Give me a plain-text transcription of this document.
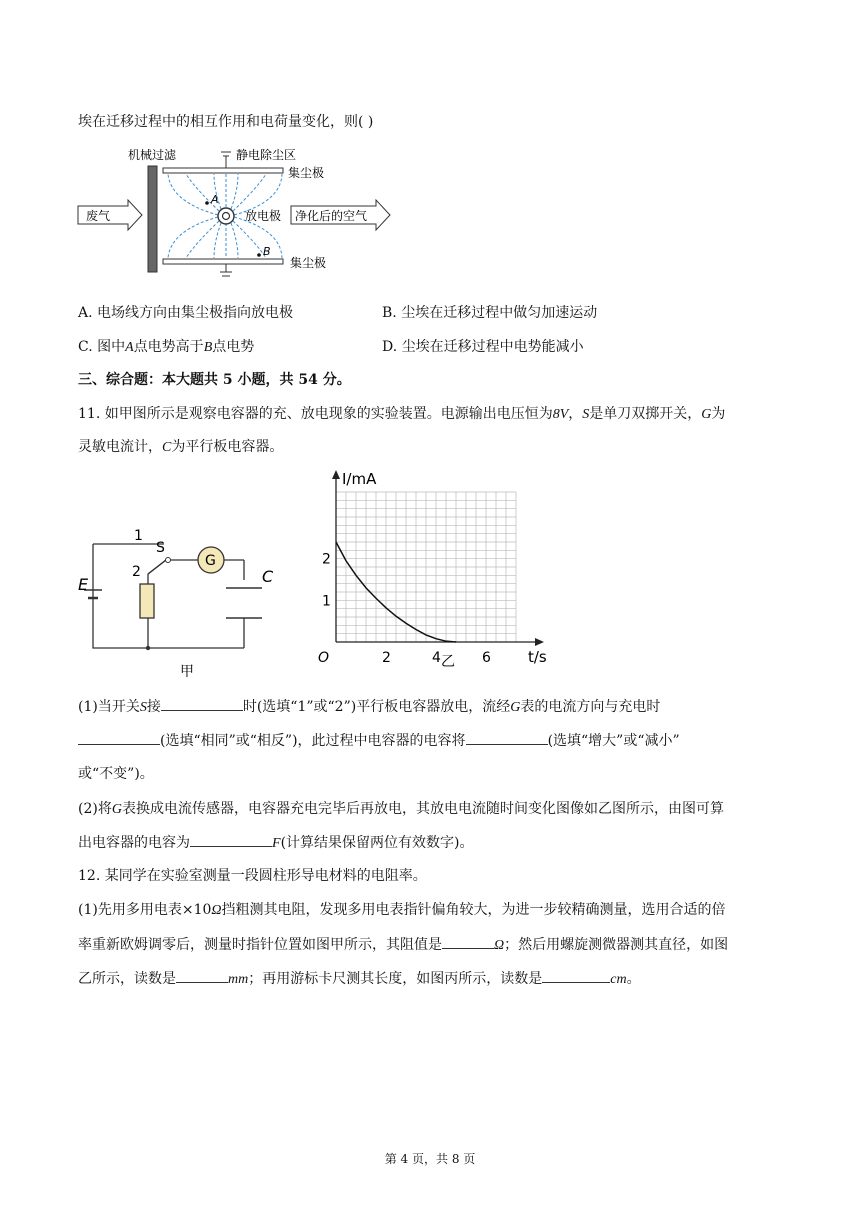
埃在迁移过程中的相互作用和电荷量变化，则( )
机械过滤	静电除尘区
集尘极
集尘极
放电极
A
B
废气	净化后的空气
A. 电场线方向由集尘极指向放电极	B. 尘埃在迁移过程中做匀加速运动
C. 图中A点电势高于B点电势	D. 尘埃在迁移过程中电势能减小
三、综合题：本大题共 5 小题，共 54 分。
11. 如甲图所示是观察电容器的充、放电现象的实验装置。电源输出电压恒为8V，S是单刀双掷开关，G为
灵敏电流计，C为平行板电容器。
G
E
1
2
S
C
甲
2	4	6
1
2
O
I/mA
t/s
乙
(1)当开关S接	时(选填“1”或“2”)平行板电容器放电，流经G表的电流方向与充电时
(选填“相同”或“相反”)，此过程中电容器的电容将	(选填“增大”或“减小”
或“不变”)。
(2)将G表换成电流传感器，电容器充电完毕后再放电，其放电电流随时间变化图像如乙图所示，由图可算
出电容器的电容为	F(计算结果保留两位有效数字)。
12. 某同学在实验室测量一段圆柱形导电材料的电阻率。
(1)先用多用电表×10Ω挡粗测其电阻，发现多用电表指针偏角较大，为进一步较精确测量，选用合适的倍
率重新欧姆调零后，测量时指针位置如图甲所示，其阻值是	Ω；然后用螺旋测微器测其直径，如图
乙所示，读数是	mm；再用游标卡尺测其长度，如图丙所示，读数是	cm。
第 4 页，共 8 页
